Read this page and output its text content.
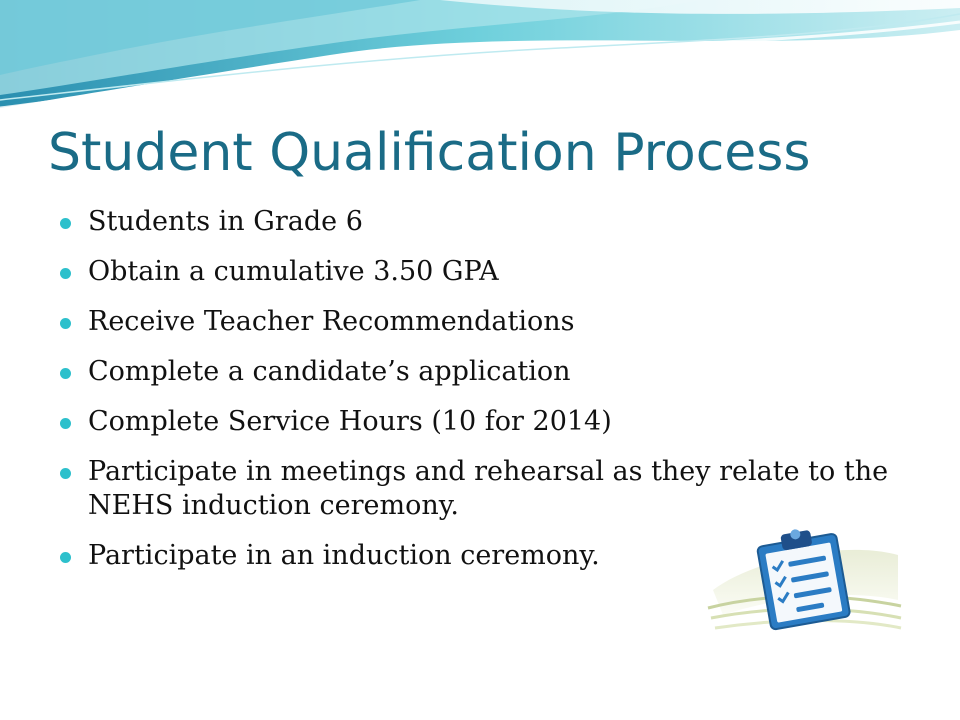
Student Qualification Process
Students in Grade 6
Obtain a cumulative 3.50 GPA
Receive Teacher Recommendations
Complete a candidate’s application
Complete Service Hours (10 for 2014)
Participate in meetings and rehearsal as they relate to the NEHS induction ceremony.
Participate in an induction ceremony.
